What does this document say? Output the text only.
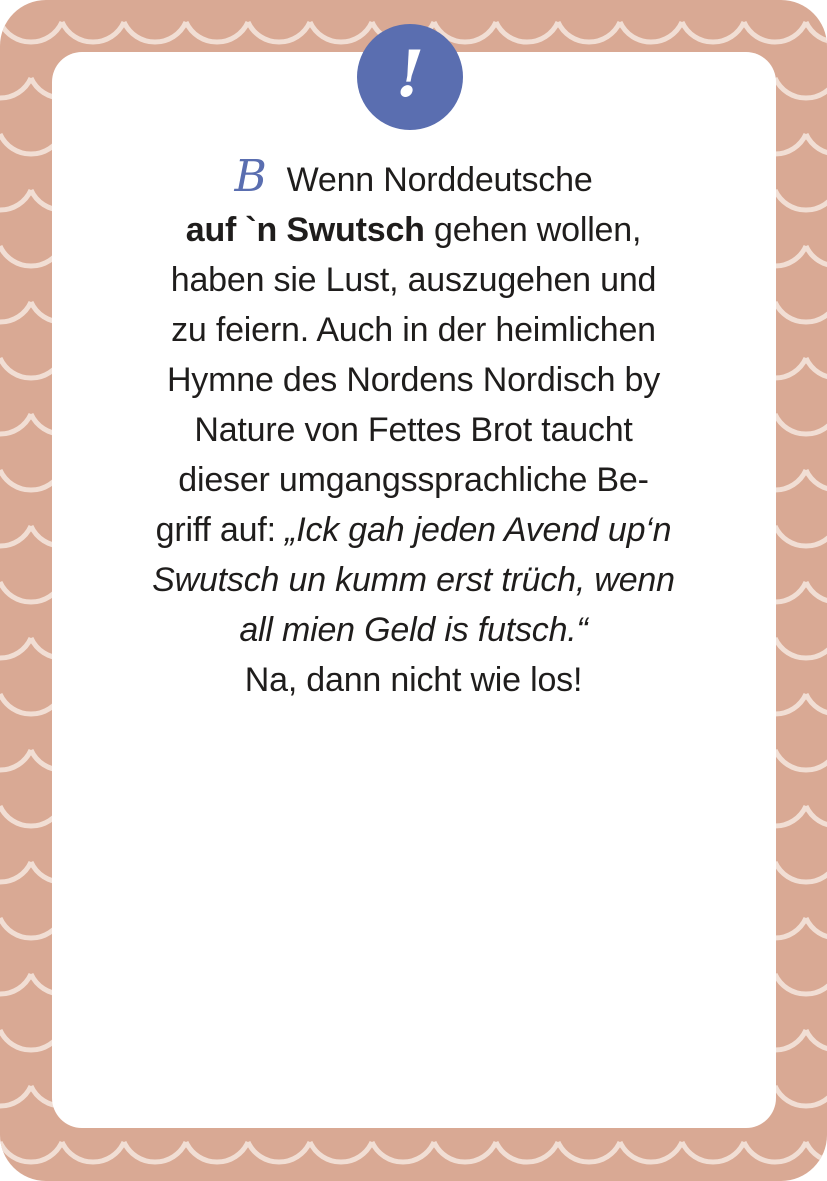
!
B Wenn Norddeutsche
auf `n Swutsch gehen wollen,
haben sie Lust, auszugehen und
zu feiern. Auch in der heimlichen
Hymne des Nordens Nordisch by
Nature von Fettes Brot taucht
dieser umgangssprachliche Be-
griff auf: „Ick gah jeden Avend up‘n
Swutsch un kumm erst trüch, wenn
all mien Geld is futsch.“
Na, dann nicht wie los!
